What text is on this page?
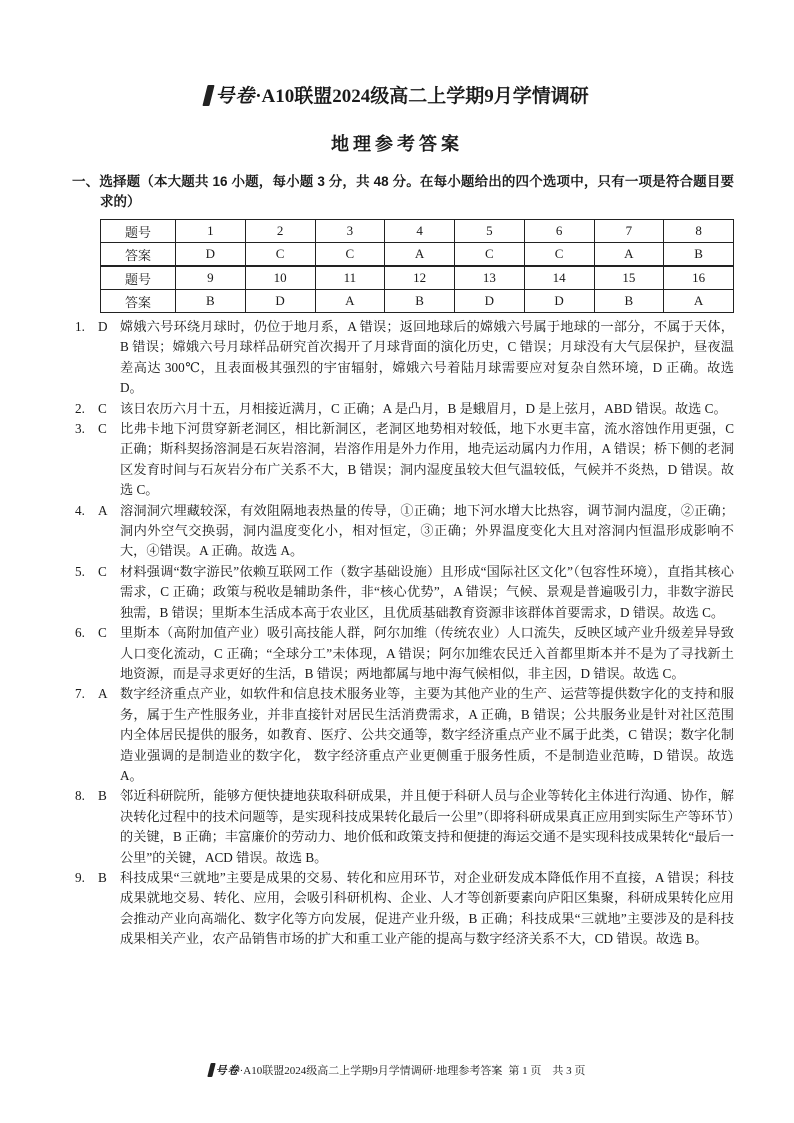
号卷·A10联盟2024级高二上学期9月学情调研
地理参考答案
一、选择题（本大题共 16 小题，每小题 3 分，共 48 分。在每小题给出的四个选项中，只有一项是符合题目要求的）
题号	1	2	3	4	5	6	7	8
答案	D	C	C	A	C	C	A	B
题号	9	10	11	12	13	14	15	16
答案	B	D	A	B	D	D	B	A
1. D 嫦娥六号环绕月球时，仍位于地月系，A 错误；返回地球后的嫦娥六号属于地球的一部分，不属于天体，B 错误；嫦娥六号月球样品研究首次揭开了月球背面的演化历史，C 错误；月球没有大气层保护，昼夜温差高达 300℃，且表面极其强烈的宇宙辐射，嫦娥六号着陆月球需要应对复杂自然环境，D 正确。故选 D。
2. C	该日农历六月十五，月相接近满月，C 正确；A 是凸月，B 是蛾眉月，D 是上弦月，ABD 错误。故选 C。
3. C	比弗卡地下河贯穿新老洞区，相比新洞区，老洞区地势相对较低，地下水更丰富，流水溶蚀作用更强，C 正确；斯科契扬溶洞是石灰岩溶洞，岩溶作用是外力作用，地壳运动属内力作用，A 错误；桥下侧的老洞区发育时间与石灰岩分布广关系不大，B 错误；洞内湿度虽较大但气温较低，气候并不炎热，D 错误。故选 C。
4. A 溶洞洞穴埋藏较深，有效阻隔地表热量的传导，①正确；地下河水增大比热容，调节洞内温度，②正确；洞内外空气交换弱，洞内温度变化小，相对恒定，③正确；外界温度变化大且对溶洞内恒温形成影响不大，④错误。A 正确。故选 A。
5. C	材料强调“数字游民”依赖互联网工作（数字基础设施）且形成“国际社区文化”（包容性环境），直指其核心需求，C 正确；政策与税收是辅助条件，非“核心优势”，A 错误；气候、景观是普遍吸引力，非数字游民独需，B 错误；里斯本生活成本高于农业区，且优质基础教育资源非该群体首要需求，D 错误。故选 C。
6. C	里斯本（高附加值产业）吸引高技能人群，阿尔加维（传统农业）人口流失，反映区域产业升级差异导致人口变化流动，C 正确；“全球分工”未体现，A 错误；阿尔加维农民迁入首都里斯本并不是为了寻找新土地资源，而是寻求更好的生活，B 错误；两地都属与地中海气候相似，非主因，D 错误。故选 C。
7. A 数字经济重点产业，如软件和信息技术服务业等，主要为其他产业的生产、运营等提供数字化的支持和服务，属于生产性服务业，并非直接针对居民生活消费需求，A 正确，B 错误；公共服务业是针对社区范围内全体居民提供的服务，如教育、医疗、公共交通等，数字经济重点产业不属于此类，C 错误；数字化制造业强调的是制造业的数字化， 数字经济重点产业更侧重于服务性质，不是制造业范畴，D 错误。故选 A。
8. B	邻近科研院所，能够方便快捷地获取科研成果，并且便于科研人员与企业等转化主体进行沟通、协作，解决转化过程中的技术问题等，是实现科技成果转化最后一公里”（即将科研成果真正应用到实际生产等环节）的关键，B 正确；丰富廉价的劳动力、地价低和政策支持和便捷的海运交通不是实现科技成果转化“最后一公里”的关键，ACD 错误。故选 B。
9. B	科技成果“三就地”主要是成果的交易、转化和应用环节，对企业研发成本降低作用不直接，A 错误；科技成果就地交易、转化、应用，会吸引科研机构、企业、人才等创新要素向庐阳区集聚，科研成果转化应用会推动产业向高端化、数字化等方向发展，促进产业升级，B 正确；科技成果“三就地”主要涉及的是科技成果相关产业，农产品销售市场的扩大和重工业产能的提高与数字经济关系不大，CD 错误。故选 B。
号卷·A10联盟2024级高二上学期9月学情调研·地理参考答案 第 1 页　共 3 页
